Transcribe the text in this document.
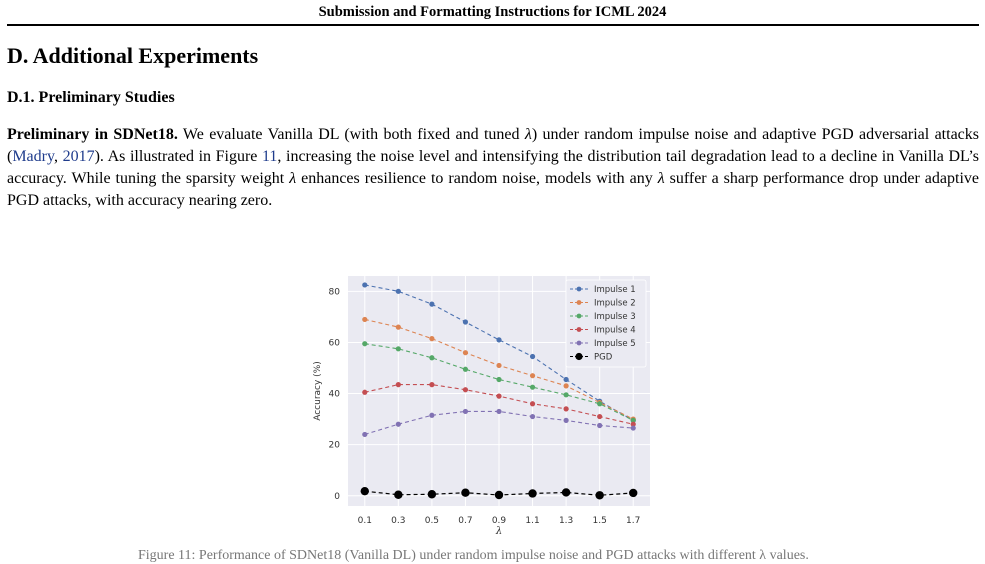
Submission and Formatting Instructions for ICML 2024
D. Additional Experiments
D.1. Preliminary Studies

Preliminary in SDNet18. We evaluate Vanilla DL (with both fixed and tuned λ) under random impulse noise and adaptive PGD adversarial attacks (Madry, 2017). As illustrated in Figure 11, increasing the noise level and intensifying the distribution tail degradation lead to a decline in Vanilla DL’s accuracy. While tuning the sparsity weight λ enhances resilience to random noise, models with any λ suffer a sharp performance drop under adaptive PGD attacks, with accuracy nearing zero.

0.1 0.3 0.5 0.7 0.9 1.1 1.3 1.5 1.7
0
20
40
60
80
λ
Accuracy (%)
Impulse 1
Impulse 2
Impulse 3
Impulse 4
Impulse 5
PGD
Figure 11: Performance of SDNet18 (Vanilla DL) under random impulse noise and PGD attacks with different λ values.
